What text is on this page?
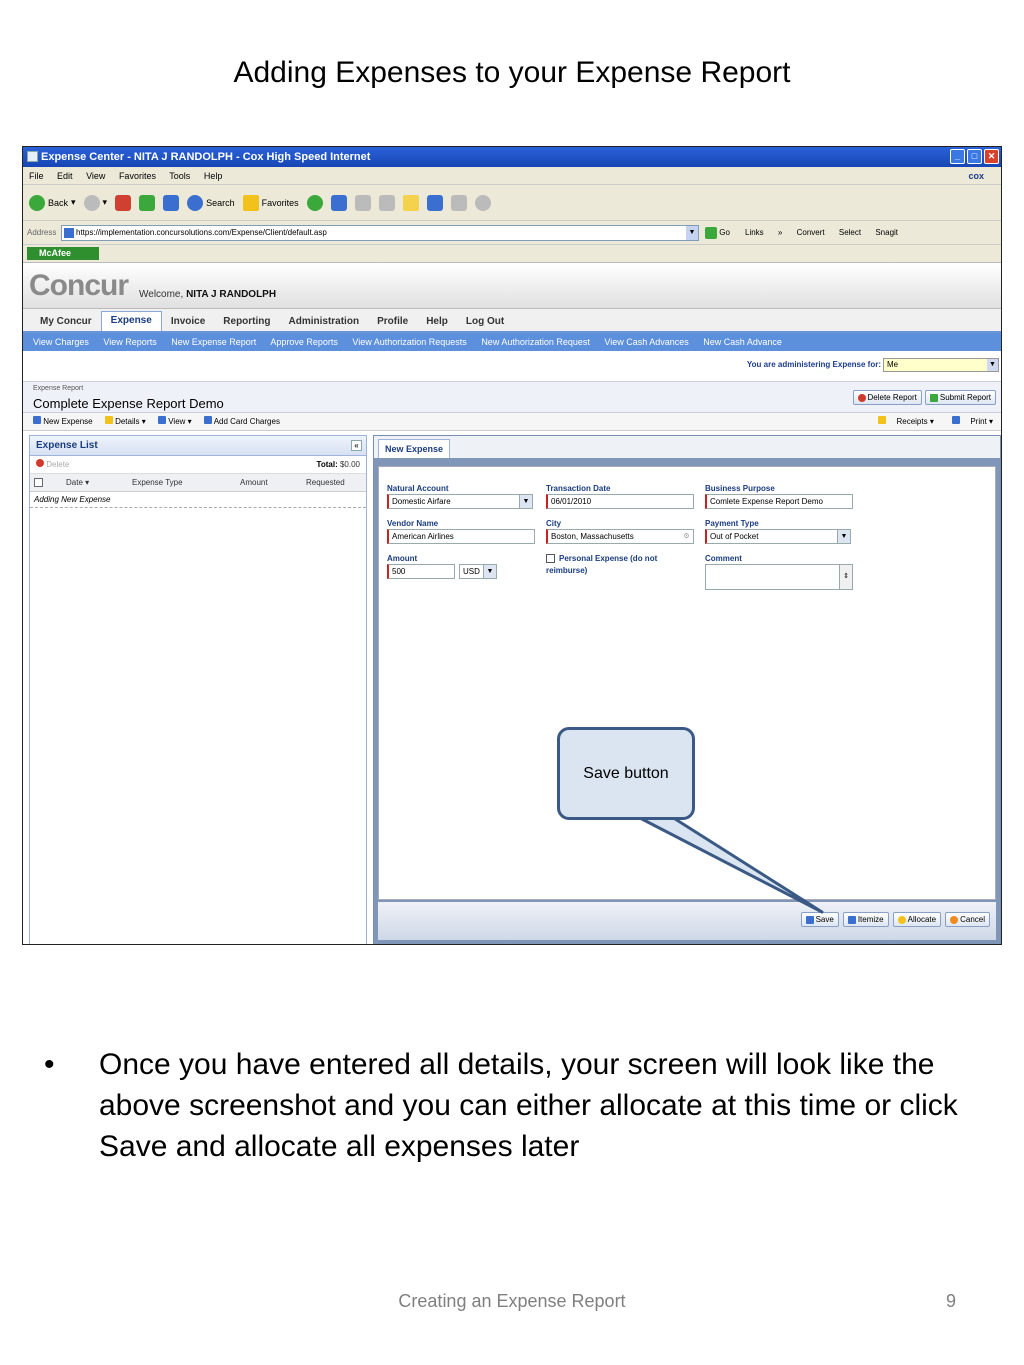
Adding Expenses to your Expense Report
Expense Center - NITA J RANDOLPH - Cox High Speed Internet	_	□	✕
File Edit View Favorites Tools Help	cox
Back ▾	▾	Search	Favorites
Address	https://implementation.concursolutions.com/Expense/Client/default.asp	▼	Go Links » Convert Select Snagit
McAfee
Concur Welcome, NITA J RANDOLPH
My Concur	Expense	Invoice	Reporting	Administration	Profile	Help	Log Out
View Charges View Reports New Expense Report Approve Reports View Authorization Requests New Authorization Request View Cash Advances New Cash Advance
You are administering Expense for: Me	▼
Expense Report
Complete Expense Report Demo	Delete Report	Submit Report
New Expense	Details ▾	View ▾	Add Card Charges	Receipts ▾	Print ▾
Expense List	«
Delete	Total: $0.00
Date ▾	Expense Type	Amount	Requested
Adding New Expense
New Expense
Natural Account
Domestic Airfare	▼
Transaction Date
06/01/2010
Business Purpose
Comlete Expense Report Demo
Vendor Name
American Airlines
City
Boston, Massachusetts	⚙
Payment Type
Out of Pocket	▼
Amount
500	USD ▼
Personal Expense (do not reimburse)
Comment
⇕
Save	Itemize	Allocate	Cancel
Save button
• Once you have entered all details, your screen will look like the above screenshot and you can either allocate at this time or click Save and allocate all expenses later
Creating an Expense Report	9
